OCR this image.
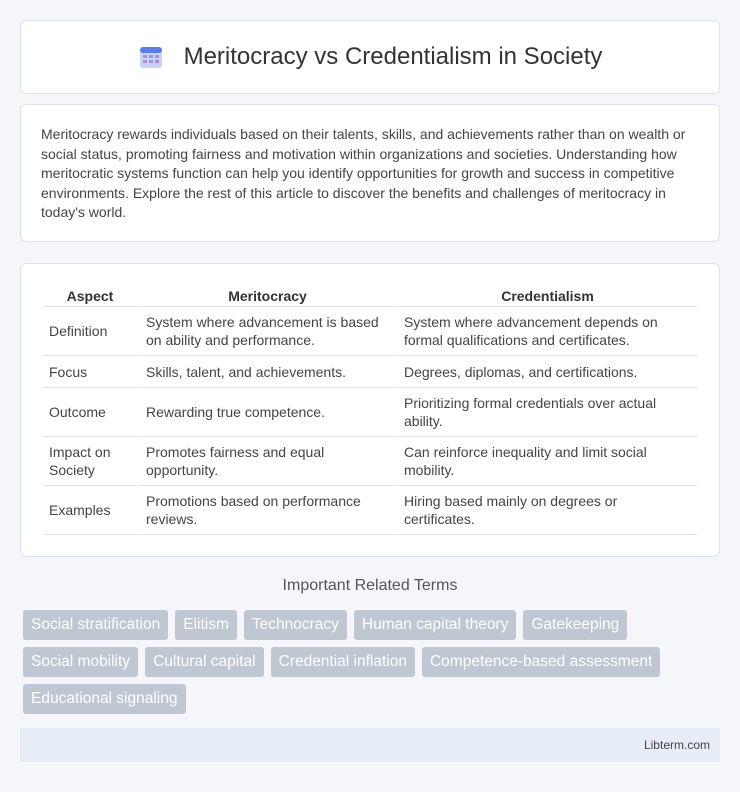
Meritocracy vs Credentialism in Society

Meritocracy rewards individuals based on their talents, skills, and achievements rather than on wealth or social status, promoting fairness and motivation within organizations and societies. Understanding how meritocratic systems function can help you identify opportunities for growth and success in competitive environments. Explore the rest of this article to discover the benefits and challenges of meritocracy in today's world.

Aspect	Meritocracy	Credentialism
Definition	System where advancement is based on ability and performance.	System where advancement depends on formal qualifications and certificates.
Focus	Skills, talent, and achievements.	Degrees, diplomas, and certifications.
Outcome	Rewarding true competence.	Prioritizing formal credentials over actual ability.
Impact on Society	Promotes fairness and equal opportunity.	Can reinforce inequality and limit social mobility.
Examples	Promotions based on performance reviews.	Hiring based mainly on degrees or certificates.
Important Related Terms
Social stratification	Elitism	Technocracy	Human capital theory	Gatekeeping
Social mobility	Cultural capital	Credential inflation	Competence-based assessment
Educational signaling
Libterm.com
